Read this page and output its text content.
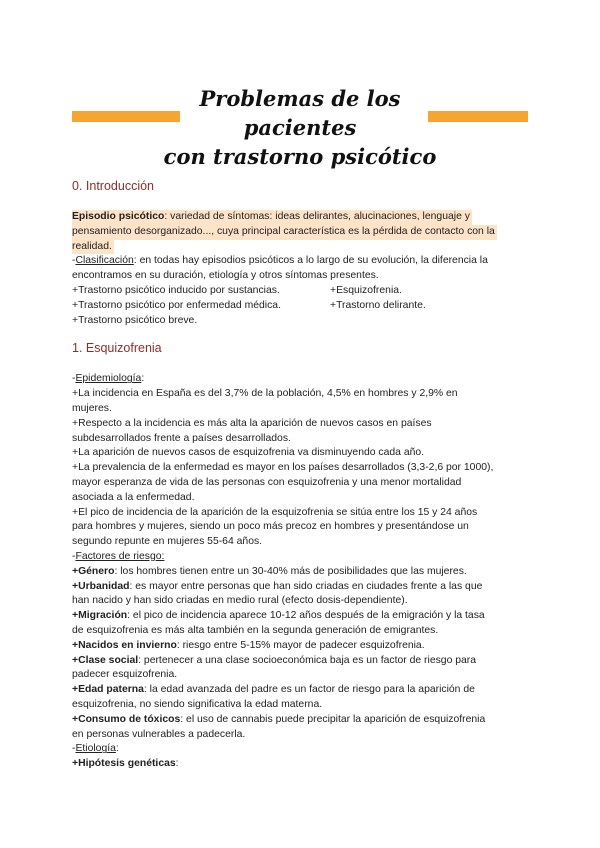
Problemas de los pacientes
con trastorno psicótico
0. Introducción
Episodio psicótico: variedad de síntomas: ideas delirantes, alucinaciones, lenguaje y
pensamiento desorganizado..., cuya principal característica es la pérdida de contacto con la
realidad.
-Clasificación: en todas hay episodios psicóticos a lo largo de su evolución, la diferencia la
encontramos en su duración, etiología y otros síntomas presentes.
+Trastorno psicótico inducido por sustancias.	+Esquizofrenia.
+Trastorno psicótico por enfermedad médica.	+Trastorno delirante.
+Trastorno psicótico breve.
1. Esquizofrenia
-Epidemiología:
+La incidencia en España es del 3,7% de la población, 4,5% en hombres y 2,9% en
mujeres.
+Respecto a la incidencia es más alta la aparición de nuevos casos en países
subdesarrollados frente a países desarrollados.
+La aparición de nuevos casos de esquizofrenia va disminuyendo cada año.
+La prevalencia de la enfermedad es mayor en los países desarrollados (3,3-2,6 por 1000),
mayor esperanza de vida de las personas con esquizofrenia y una menor mortalidad
asociada a la enfermedad.
+El pico de incidencia de la aparición de la esquizofrenia se sitúa entre los 15 y 24 años
para hombres y mujeres, siendo un poco más precoz en hombres y presentándose un
segundo repunte en mujeres 55-64 años.
-Factores de riesgo:
+Género: los hombres tienen entre un 30-40% más de posibilidades que las mujeres.
+Urbanidad: es mayor entre personas que han sido criadas en ciudades frente a las que
han nacido y han sido criadas en medio rural (efecto dosis-dependiente).
+Migración: el pico de incidencia aparece 10-12 años después de la emigración y la tasa
de esquizofrenia es más alta también en la segunda generación de emigrantes.
+Nacidos en invierno: riesgo entre 5-15% mayor de padecer esquizofrenia.
+Clase social: pertenecer a una clase socioeconómica baja es un factor de riesgo para
padecer esquizofrenia.
+Edad paterna: la edad avanzada del padre es un factor de riesgo para la aparición de
esquizofrenia, no siendo significativa la edad materna.
+Consumo de tóxicos: el uso de cannabis puede precipitar la aparición de esquizofrenia
en personas vulnerables a padecerla.
-Etiología:
+Hipótesis genéticas:
